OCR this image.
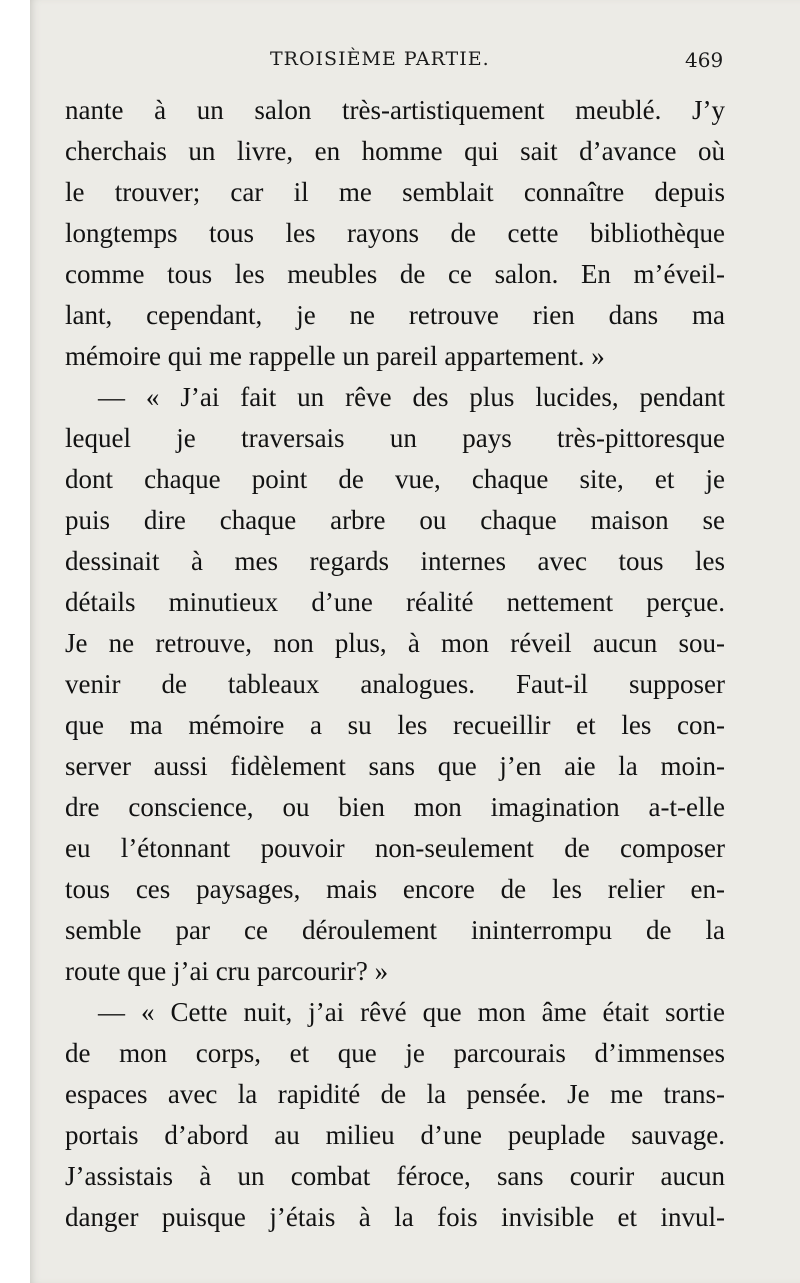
TROISIÈME PARTIE.	469
nante à un salon très-artistiquement meublé. J’y
cherchais un livre, en homme qui sait d’avance où
le trouver; car il me semblait connaître depuis
longtemps tous les rayons de cette bibliothèque
comme tous les meubles de ce salon. En m’éveil-
lant, cependant, je ne retrouve rien dans ma
mémoire qui me rappelle un pareil appartement. »
— « J’ai fait un rêve des plus lucides, pendant
lequel je traversais un pays très-pittoresque
dont chaque point de vue, chaque site, et je
puis dire chaque arbre ou chaque maison se
dessinait à mes regards internes avec tous les
détails minutieux d’une réalité nettement perçue.
Je ne retrouve, non plus, à mon réveil aucun sou-
venir de tableaux analogues. Faut-il supposer
que ma mémoire a su les recueillir et les con-
server aussi fidèlement sans que j’en aie la moin-
dre conscience, ou bien mon imagination a-t-elle
eu l’étonnant pouvoir non-seulement de composer
tous ces paysages, mais encore de les relier en-
semble par ce déroulement ininterrompu de la
route que j’ai cru parcourir? »
— « Cette nuit, j’ai rêvé que mon âme était sortie
de mon corps, et que je parcourais d’immenses
espaces avec la rapidité de la pensée. Je me trans-
portais d’abord au milieu d’une peuplade sauvage.
J’assistais à un combat féroce, sans courir aucun
danger puisque j’étais à la fois invisible et invul-
